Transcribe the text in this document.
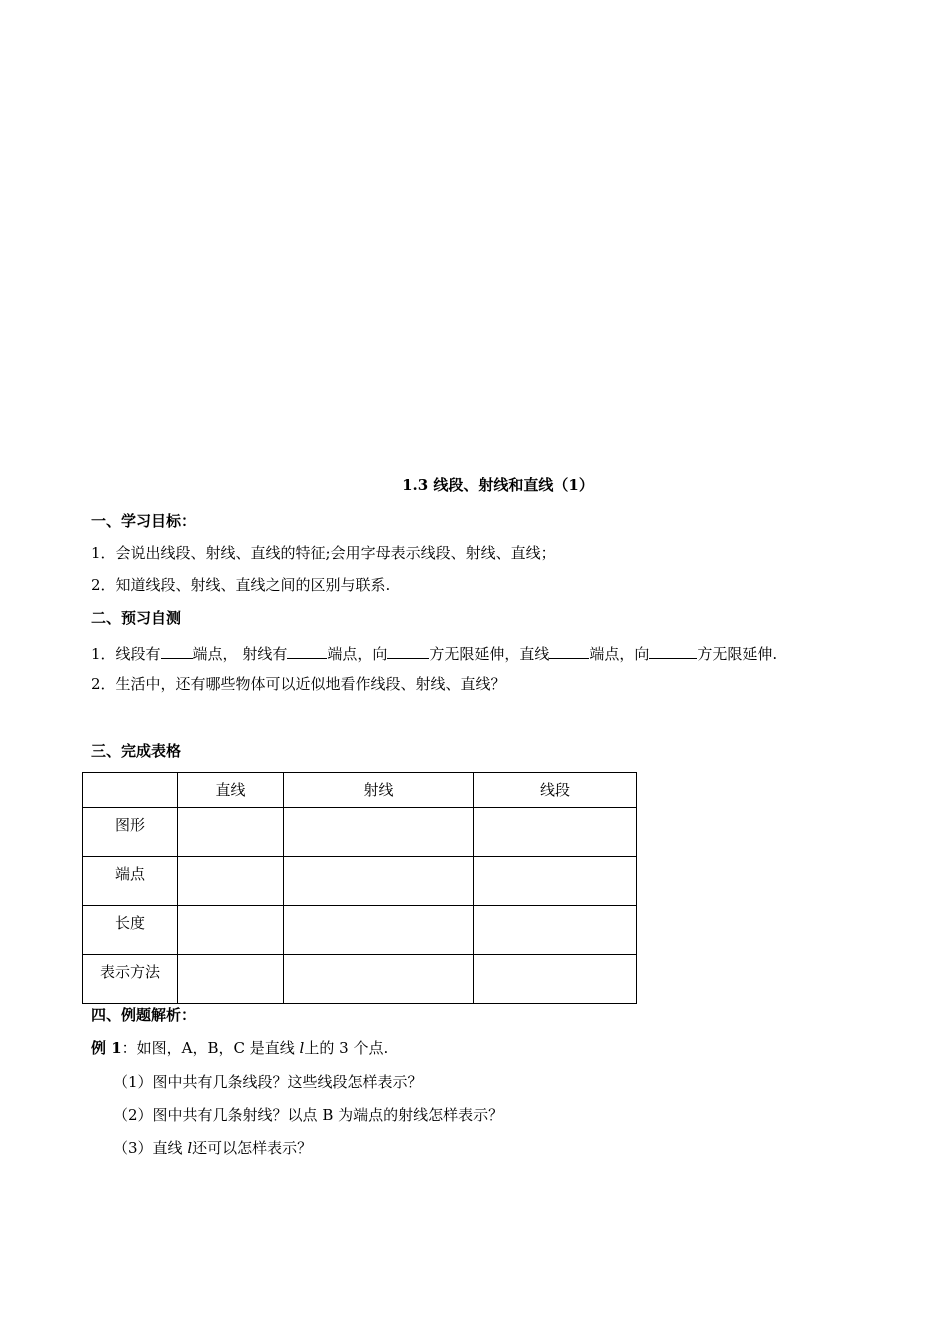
1.3 线段、射线和直线（1）
一、学习目标：
1．会说出线段、射线、直线的特征;会用字母表示线段、射线、直线；
2．知道线段、射线、直线之间的区别与联系.
二、预习自测
1．线段有 端点， 射线有	端点，向	方无限延伸，直线	端点，向	方无限延伸.
2．生活中，还有哪些物体可以近似地看作线段、射线、直线？
三、完成表格
	直线	射线	线段
图形			
端点			
长度			
表示方法			
四、例题解析：
例 1：如图，A，B，C 是直线 l上的 3 个点.
（1）图中共有几条线段？这些线段怎样表示？
（2）图中共有几条射线？以点 B 为端点的射线怎样表示？
（3）直线 l还可以怎样表示？
